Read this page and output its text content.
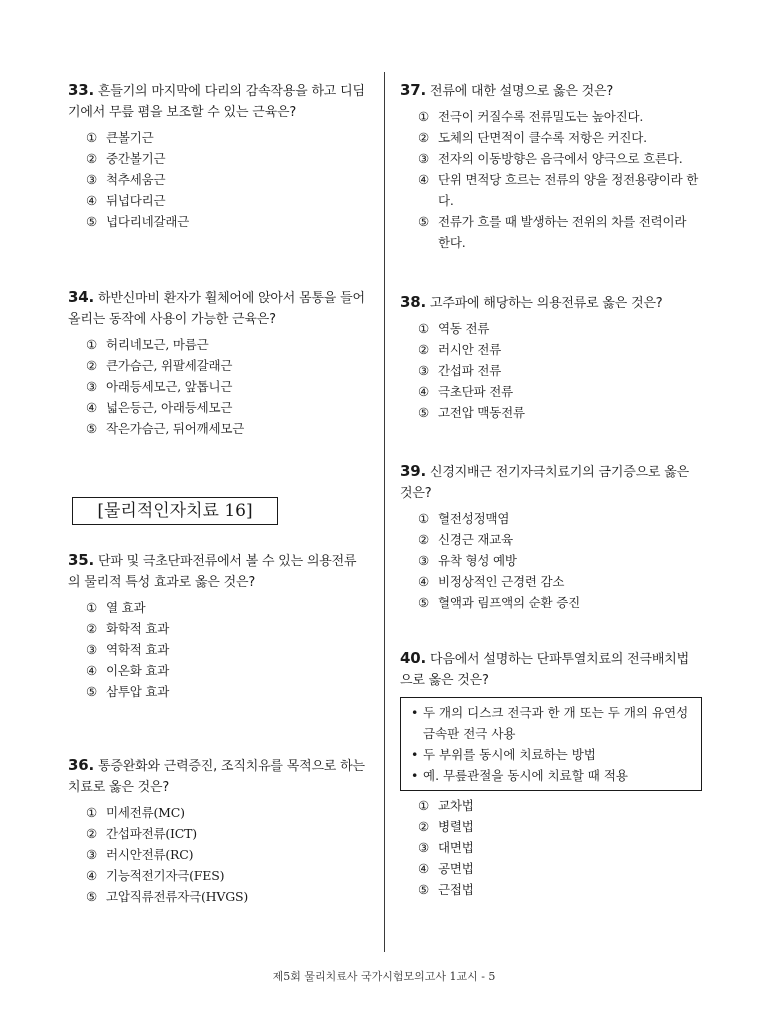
33. 흔들기의 마지막에 다리의 감속작용을 하고 디딤기에서 무릎 폄을 보조할 수 있는 근육은?
① 큰볼기근
② 중간볼기근
③ 척추세움근
④ 뒤넙다리근
⑤ 넙다리네갈래근
34. 하반신마비 환자가 휠체어에 앉아서 몸통을 들어 올리는 동작에 사용이 가능한 근육은?
① 허리네모근, 마름근
② 큰가슴근, 위팔세갈래근
③ 아래등세모근, 앞톱니근
④ 넓은등근, 아래등세모근
⑤ 작은가슴근, 뒤어깨세모근
[물리적인자치료 16]
35. 단파 및 극초단파전류에서 볼 수 있는 의용전류의 물리적 특성 효과로 옳은 것은?
① 열 효과
② 화학적 효과
③ 역학적 효과
④ 이온화 효과
⑤ 삼투압 효과
36. 통증완화와 근력증진, 조직치유를 목적으로 하는 치료로 옳은 것은?
① 미세전류(MC)
② 간섭파전류(ICT)
③ 러시안전류(RC)
④ 기능적전기자극(FES)
⑤ 고압직류전류자극(HVGS)
37. 전류에 대한 설명으로 옳은 것은?
① 전극이 커질수록 전류밀도는 높아진다.
② 도체의 단면적이 클수록 저항은 커진다.
③ 전자의 이동방향은 음극에서 양극으로 흐른다.
④ 단위 면적당 흐르는 전류의 양을 정전용량이라 한다.
⑤ 전류가 흐를 때 발생하는 전위의 차를 전력이라 한다.
38. 고주파에 해당하는 의용전류로 옳은 것은?
① 역동 전류
② 러시안 전류
③ 간섭파 전류
④ 극초단파 전류
⑤ 고전압 맥동전류
39. 신경지배근 전기자극치료기의 금기증으로 옳은 것은?
① 혈전성정맥염
② 신경근 재교육
③ 유착 형성 예방
④ 비정상적인 근경련 감소
⑤ 혈액과 림프액의 순환 증진
40. 다음에서 설명하는 단파투열치료의 전극배치법으로 옳은 것은?
• 두 개의 디스크 전극과 한 개 또는 두 개의 유연성 금속판 전극 사용
• 두 부위를 동시에 치료하는 방법
• 예. 무릎관절을 동시에 치료할 때 적용
① 교차법
② 병렬법
③ 대면법
④ 공면법
⑤ 근접법
제5회 물리치료사 국가시험모의고사 1교시 - 5
